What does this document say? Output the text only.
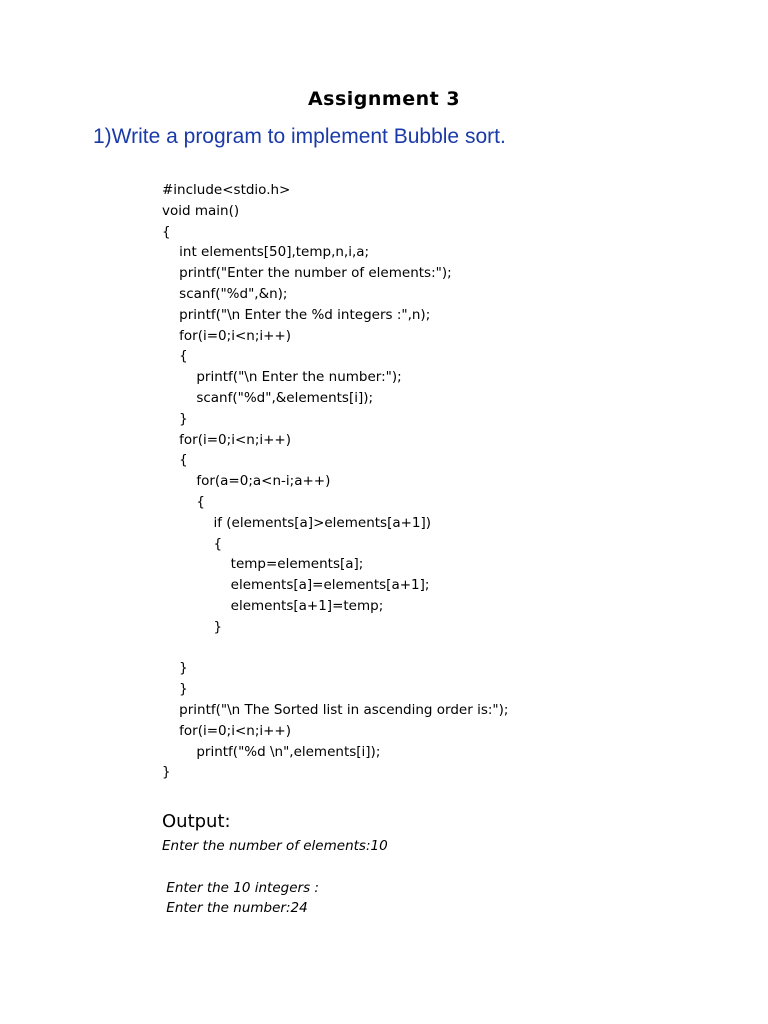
Assignment 3
1)Write a program to implement Bubble sort.
#include<stdio.h>
void main()
{
int elements[50],temp,n,i,a;
printf("Enter the number of elements:");
scanf("%d",&n);
printf("\n Enter the %d integers :",n);
for(i=0;i<n;i++)
{
printf("\n Enter the number:");
scanf("%d",&elements[i]);
}
for(i=0;i<n;i++)
{
for(a=0;a<n-i;a++)
{
if (elements[a]>elements[a+1])
{
temp=elements[a];
elements[a]=elements[a+1];
elements[a+1]=temp;
}
}
}
printf("\n The Sorted list in ascending order is:");
for(i=0;i<n;i++)
printf("%d \n",elements[i]);
}
Output:
Enter the number of elements:10
Enter the 10 integers :
Enter the number:24
